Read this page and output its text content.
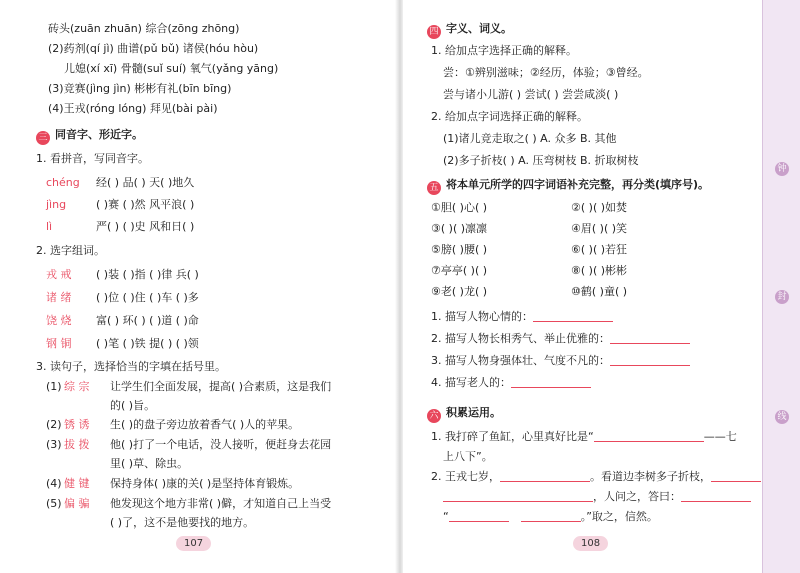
砖头(zuān zhuān) 综合(zōng zhōng)
(2)药剂(qí jì) 曲谱(pǔ bǔ) 诸侯(hóu hòu)
儿媳(xí xī) 骨髓(suǐ suí) 氧气(yǎng yāng)
(3)竞赛(jìng jìn) 彬彬有礼(bīn bīng)
(4)王戎(róng lóng) 拜见(bài pài)
三 同音字、形近字。
1. 看拼音，写同音字。
chéng 经( ) 品( ) 天( )地久
jìng	( )赛 ( )然 风平浪( )
lì	严( ) ( )史 风和日( )
2. 选字组词。
戎 戒 ( )装 ( )指 ( )律 兵( )
诸 绪 ( )位 ( )住 ( )车 ( )多
饶 烧 富( ) 环( ) ( )道 ( )命
钢 铜 ( )笔 ( )铁 提( ) ( )领
3. 读句子，选择恰当的字填在括号里。
(1) 综 宗 让学生们全面发展，提高( )合素质，这是我们
的( )旨。
(2) 锈 诱 生( )的盘子旁边放着香气( )人的苹果。
(3) 拔 拨 他( )打了一个电话，没人接听，便赶身去花园
里( )草、除虫。
(4) 健 键 保持身体( )康的关( )是坚持体育锻炼。
(5) 偏 骗 他发现这个地方非常( )僻，才知道自己上当受
( )了，这不是他要找的地方。
107
四 字义、词义。
1. 给加点字选择正确的解释。
尝：①辨别滋味；②经历，体验；③曾经。
尝与诸小儿游( ) 尝试( ) 尝尝咸淡( )
2. 给加点字词选择正确的解释。
(1)诸儿竞走取之( ) A. 众多 B. 其他
(2)多子折枝( ) A. 压弯树枝 B. 折取树枝
五 将本单元所学的四字词语补充完整，再分类(填序号)。
①胆( )心( )	②( )( )如焚
③( )( )凛凛	④眉( )( )笑
⑤膀( )腰( )	⑥( )( )若狂
⑦亭亭( )( )	⑧( )( )彬彬
⑨老( )龙( )	⑩鹤( )童( )
1. 描写人物心情的：
2. 描写人物长相秀气、举止优雅的：
3. 描写人物身强体壮、气度不凡的：
4. 描写老人的：
六 积累运用。
1. 我打碎了鱼缸，心里真好比是“	——七
上八下”。
2. 王戎七岁，	。看道边李树多子折枝，
，人问之，答曰：
“	。”取之，信然。
108
钟
封
线
